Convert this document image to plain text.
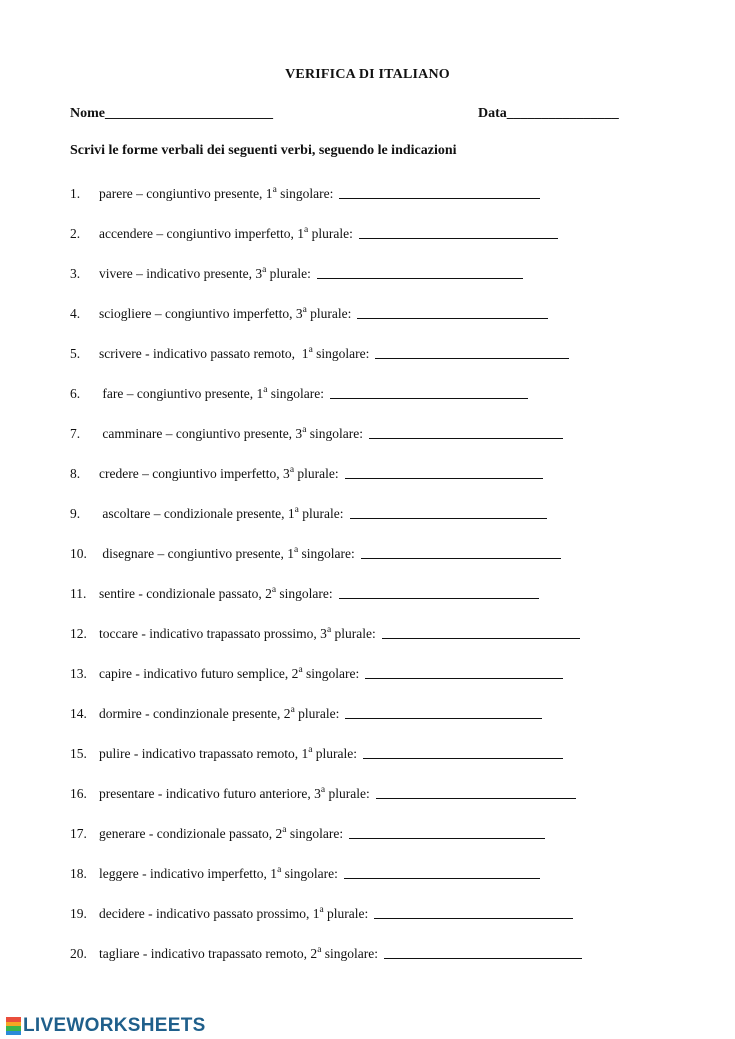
VERIFICA DI ITALIANO
Nome________________________	Data________________
Scrivi le forme verbali dei seguenti verbi, seguendo le indicazioni
1. parere – congiuntivo presente, 1$^a$ singolare:
2. accendere – congiuntivo imperfetto, 1$^a$ plurale:
3. vivere – indicativo presente, 3$^a$ plurale:
4. sciogliere – congiuntivo imperfetto, 3$^a$ plurale:
5. scrivere - indicativo passato remoto,  1$^a$ singolare:
6. fare – congiuntivo presente, 1$^a$ singolare:
7. camminare – congiuntivo presente, 3$^a$ singolare:
8. credere – congiuntivo imperfetto, 3$^a$ plurale:
9. ascoltare – condizionale presente, 1$^a$ plurale:
10. disegnare – congiuntivo presente, 1$^a$ singolare:
11. sentire - condizionale passato, 2$^a$ singolare:
12. toccare - indicativo trapassato prossimo, 3$^a$ plurale:
13. capire - indicativo futuro semplice, 2$^a$ singolare:
14. dormire - condinzionale presente, 2$^a$ plurale:
15. pulire - indicativo trapassato remoto, 1$^a$ plurale:
16. presentare - indicativo futuro anteriore, 3$^a$ plurale:
17. generare - condizionale passato, 2$^a$ singolare:
18. leggere - indicativo imperfetto, 1$^a$ singolare:
19. decidere - indicativo passato prossimo, 1$^a$ plurale:
20. tagliare - indicativo trapassato remoto, 2$^a$ singolare:
LIVEWORKSHEETS
